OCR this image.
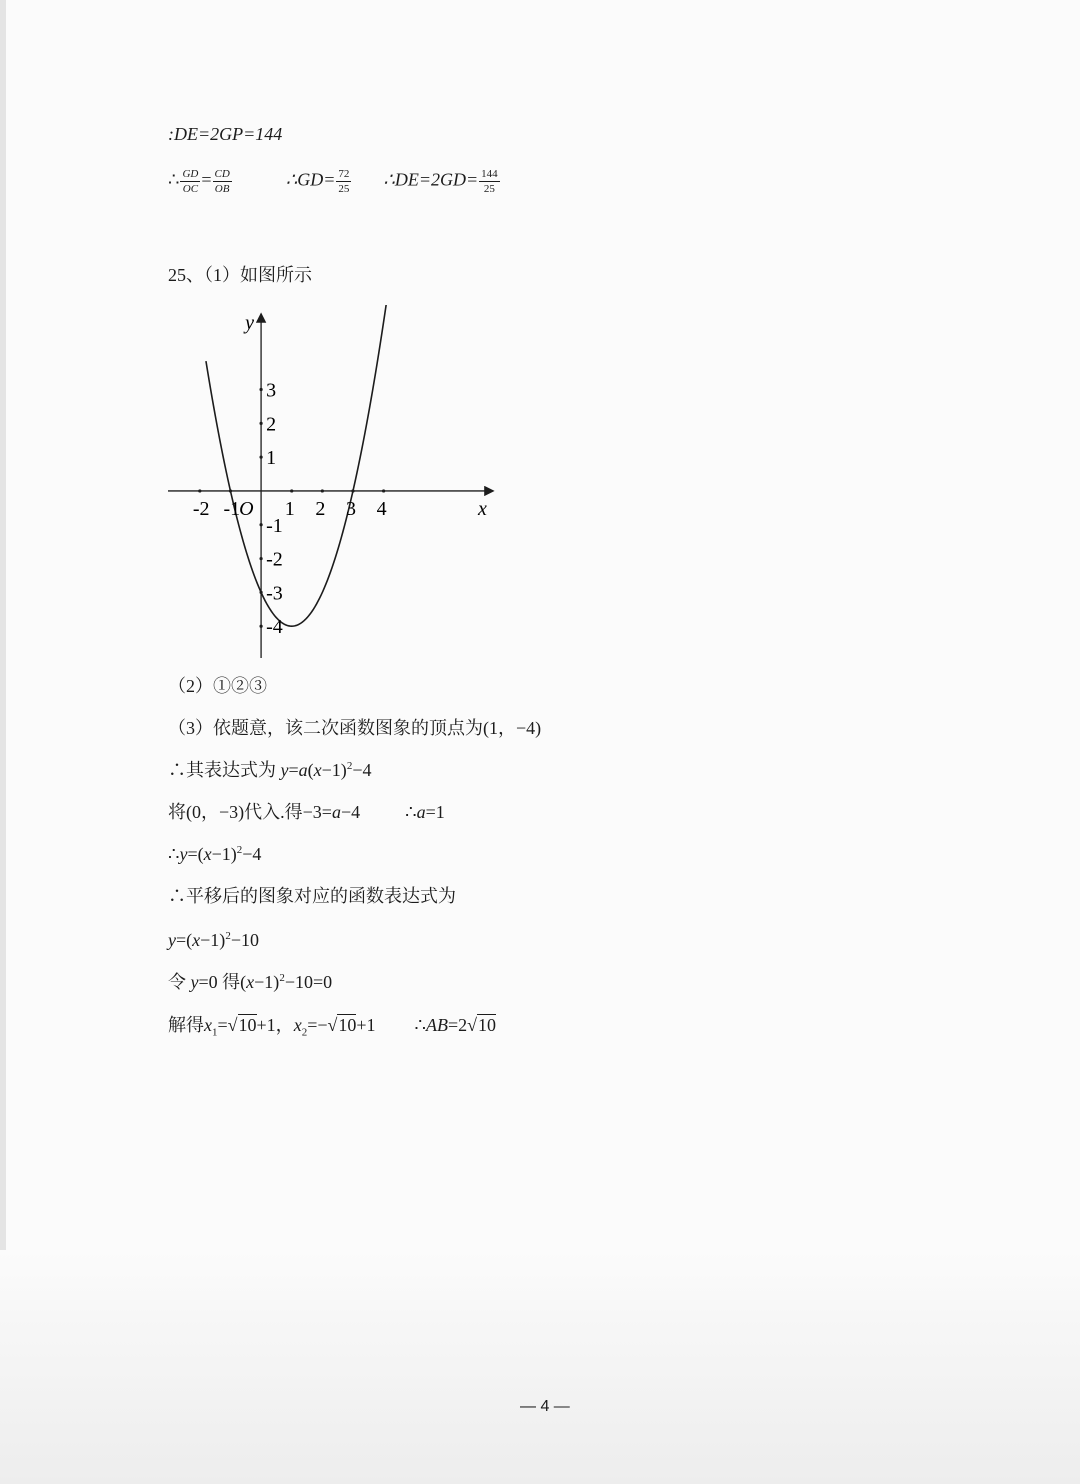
:DE=2GP=144
∴ $\frac{GD}{OC} = \frac{CD}{OB}$	∴GD= $\frac{72}{25}$ ∴DE=2GD= $\frac{144}{25}$
25、（1）如图所示
x
y
O
-2 -1 1 2 3 4
3
2
1
-1
-2
-3
-4
（2）①②③
（3）依题意，该二次函数图象的顶点为(1，−4)
∴其表达式为 $y=a(x-1)^2-4$
将(0，−3)代入.得−3=a−4	∴a=1
$\therefore y=(x-1)^2-4$
∴平移后的图象对应的函数表达式为
$y=(x-1)^2-10$
令 y=0 得$(x-1)^2-10=0$
解得$x_1=√10+1$，$x_2=-√10+1$ ∴AB=2√10
— 4 —
